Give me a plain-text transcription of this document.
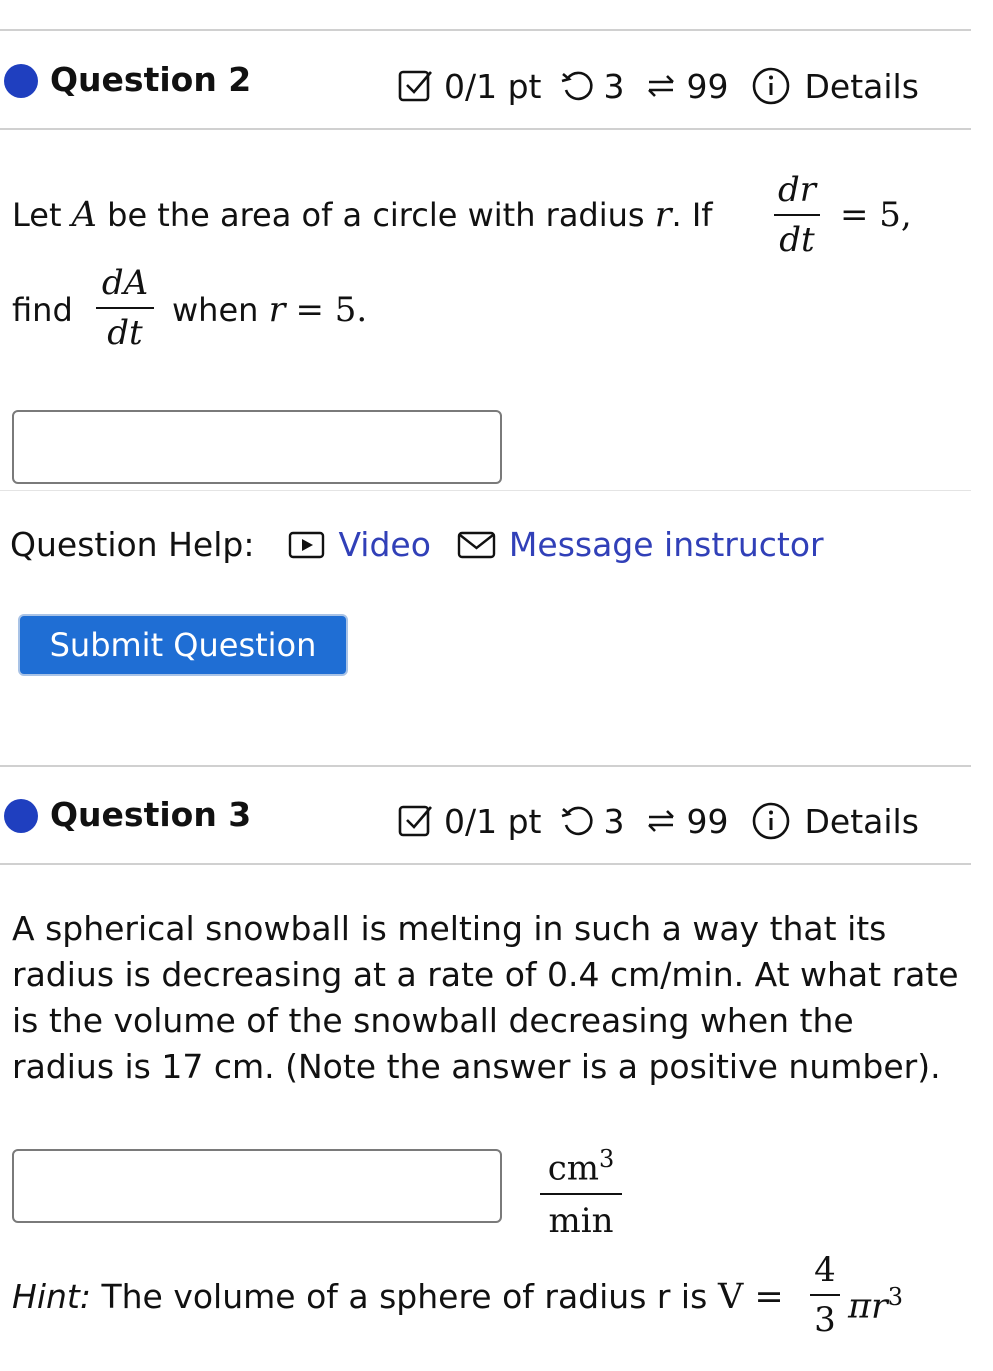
Question 2	0/1 pt 3 99 Details
Let A be the area of a circle with radius r. If
dr
dt
= 5,
find
dA
dt
when r = 5.
Question Help:	Video Message instructor
Submit Question
Question 3	0/1 pt 3 99 Details
A spherical snowball is melting in such a way that its radius is decreasing at a rate of 0.4 cm/min. At what rate is the volume of the snowball decreasing when the radius is 17 cm. (Note the answer is a positive number).
$cm^3$
min
Hint: The volume of a sphere of radius r is V =
4
3 $\pi r^3$
